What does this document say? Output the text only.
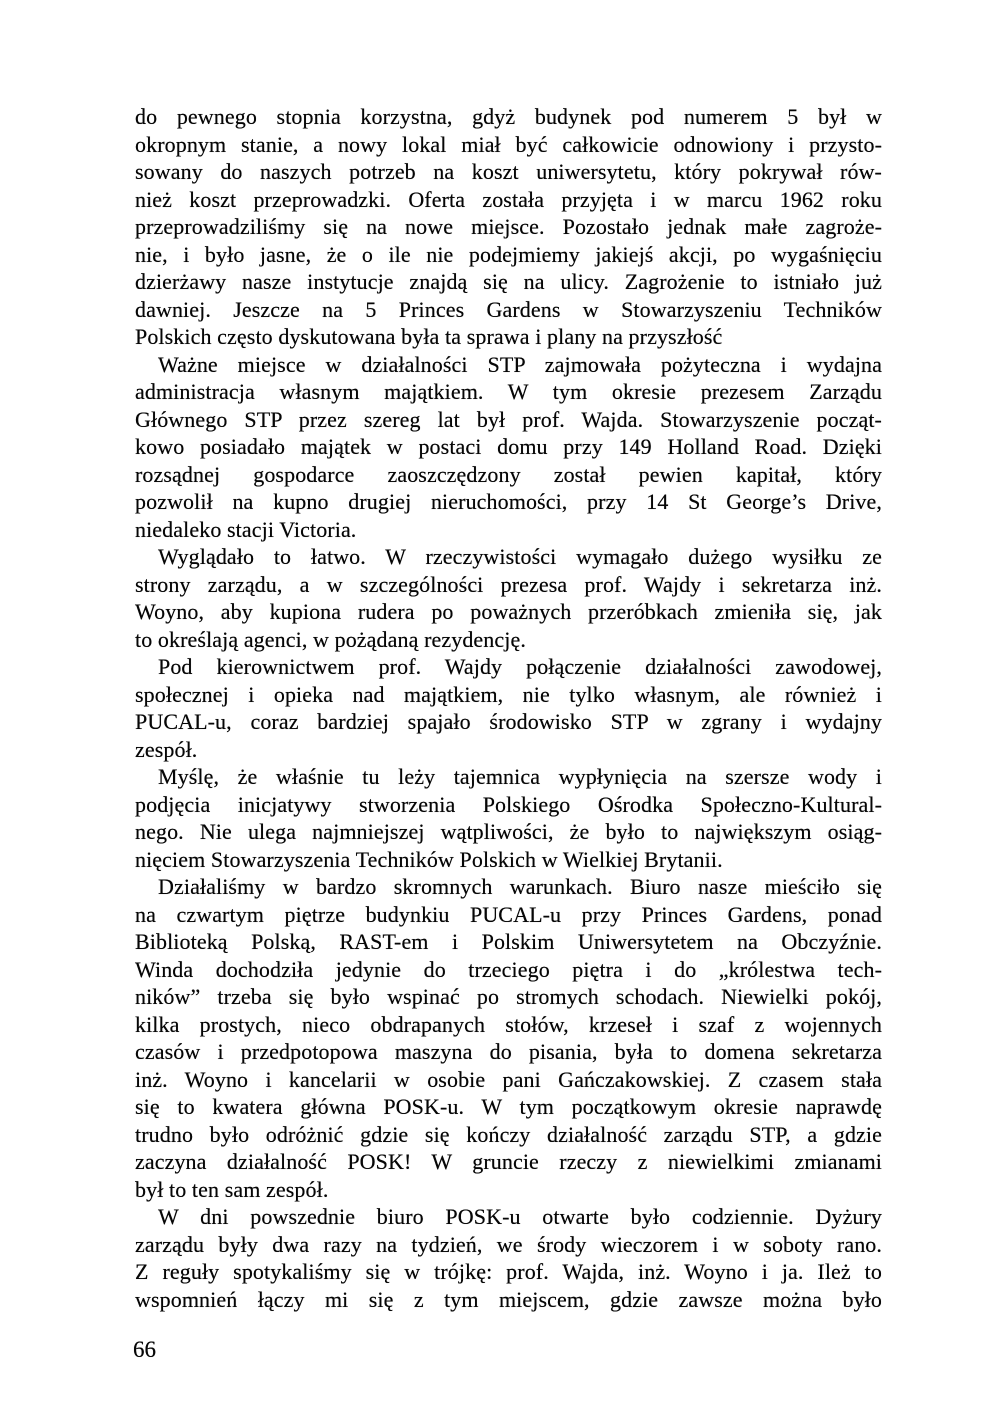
do pewnego stopnia korzystna, gdyż budynek pod numerem 5 był w
okropnym stanie, a nowy lokal miał być całkowicie odnowiony i przysto-
sowany do naszych potrzeb na koszt uniwersytetu, który pokrywał rów-
nież koszt przeprowadzki. Oferta została przyjęta i w marcu 1962 roku
przeprowadziliśmy się na nowe miejsce. Pozostało jednak małe zagroże-
nie, i było jasne, że o ile nie podejmiemy jakiejś akcji, po wygaśnięciu
dzierżawy nasze instytucje znajdą się na ulicy. Zagrożenie to istniało już
dawniej. Jeszcze na 5 Princes Gardens w Stowarzyszeniu Techników
Polskich często dyskutowana była ta sprawa i plany na przyszłość
Ważne miejsce w działalności STP zajmowała pożyteczna i wydajna
administracja własnym majątkiem. W tym okresie prezesem Zarządu
Głównego STP przez szereg lat był prof. Wajda. Stowarzyszenie począt-
kowo posiadało majątek w postaci domu przy 149 Holland Road. Dzięki
rozsądnej gospodarce zaoszczędzony został pewien kapitał, który
pozwolił na kupno drugiej nieruchomości, przy 14 St George’s Drive,
niedaleko stacji Victoria.
Wyglądało to łatwo. W rzeczywistości wymagało dużego wysiłku ze
strony zarządu, a w szczególności prezesa prof. Wajdy i sekretarza inż.
Woyno, aby kupiona rudera po poważnych przeróbkach zmieniła się, jak
to określają agenci, w pożądaną rezydencję.
Pod kierownictwem prof. Wajdy połączenie działalności zawodowej,
społecznej i opieka nad majątkiem, nie tylko własnym, ale również i
PUCAL-u, coraz bardziej spajało środowisko STP w zgrany i wydajny
zespół.
Myślę, że właśnie tu leży tajemnica wypłynięcia na szersze wody i
podjęcia inicjatywy stworzenia Polskiego Ośrodka Społeczno-Kultural-
nego. Nie ulega najmniejszej wątpliwości, że było to największym osiąg-
nięciem Stowarzyszenia Techników Polskich w Wielkiej Brytanii.
Działaliśmy w bardzo skromnych warunkach. Biuro nasze mieściło się
na czwartym piętrze budynkiu PUCAL-u przy Princes Gardens, ponad
Biblioteką Polską, RAST-em i Polskim Uniwersytetem na Obczyźnie.
Winda dochodziła jedynie do trzeciego piętra i do „królestwa tech-
ników” trzeba się było wspinać po stromych schodach. Niewielki pokój,
kilka prostych, nieco obdrapanych stołów, krzeseł i szaf z wojennych
czasów i przedpotopowa maszyna do pisania, była to domena sekretarza
inż. Woyno i kancelarii w osobie pani Gańczakowskiej. Z czasem stała
się to kwatera główna POSK-u. W tym początkowym okresie naprawdę
trudno było odróżnić gdzie się kończy działalność zarządu STP, a gdzie
zaczyna działalność POSK! W gruncie rzeczy z niewielkimi zmianami
był to ten sam zespół.
W dni powszednie biuro POSK-u otwarte było codziennie. Dyżury
zarządu były dwa razy na tydzień, we środy wieczorem i w soboty rano.
Z reguły spotykaliśmy się w trójkę: prof. Wajda, inż. Woyno i ja. Ileż to
wspomnień łączy mi się z tym miejscem, gdzie zawsze można było
66
